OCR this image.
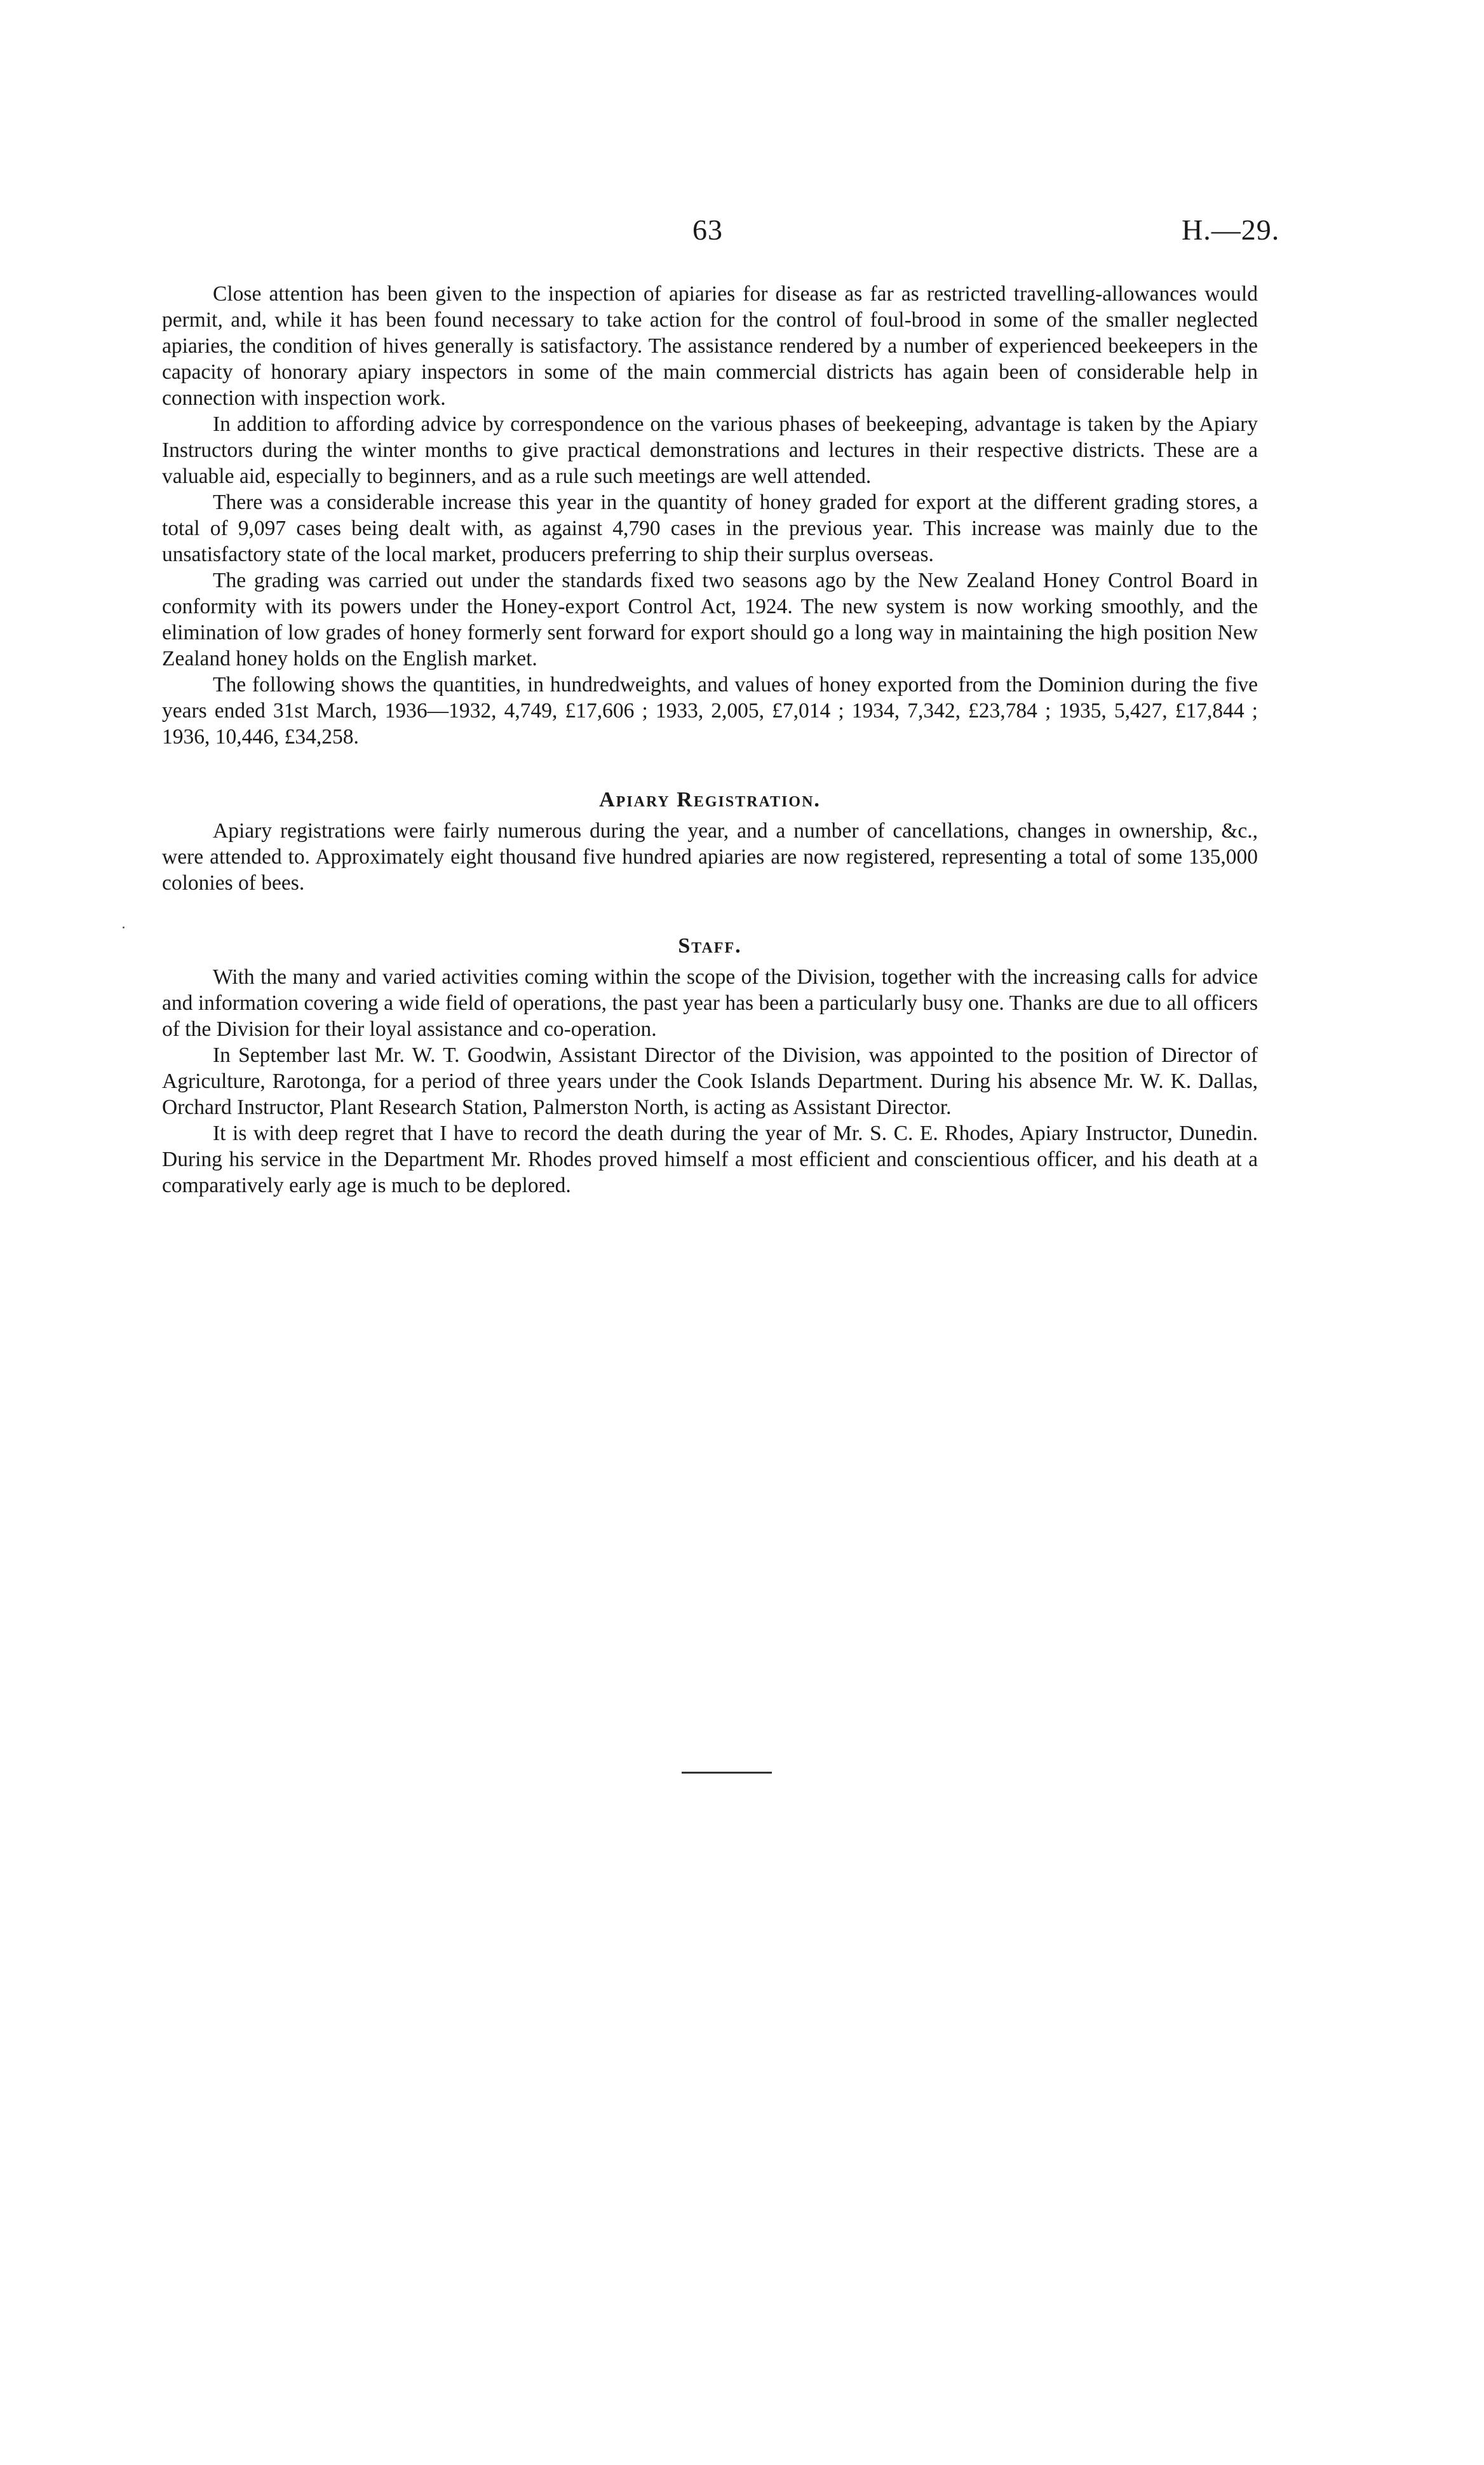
63	H.—29.

Close attention has been given to the inspection of apiaries for disease as far as restricted travelling-allowances would permit, and, while it has been found necessary to take action for the control of foul-brood in some of the smaller neglected apiaries, the condition of hives generally is satisfactory. The assistance rendered by a number of experienced beekeepers in the capacity of honorary apiary inspectors in some of the main commercial districts has again been of considerable help in connection with inspection work.

In addition to affording advice by correspondence on the various phases of beekeeping, advantage is taken by the Apiary Instructors during the winter months to give practical demonstrations and lectures in their respective districts. These are a valuable aid, especially to beginners, and as a rule such meetings are well attended.

There was a considerable increase this year in the quantity of honey graded for export at the different grading stores, a total of 9,097 cases being dealt with, as against 4,790 cases in the previous year. This increase was mainly due to the unsatisfactory state of the local market, producers preferring to ship their surplus overseas.

The grading was carried out under the standards fixed two seasons ago by the New Zealand Honey Control Board in conformity with its powers under the Honey-export Control Act, 1924. The new system is now working smoothly, and the elimination of low grades of honey formerly sent forward for export should go a long way in maintaining the high position New Zealand honey holds on the English market.

The following shows the quantities, in hundredweights, and values of honey exported from the Dominion during the five years ended 31st March, 1936—1932, 4,749, £17,606 ; 1933, 2,005, £7,014 ; 1934, 7,342, £23,784 ; 1935, 5,427, £17,844 ; 1936, 10,446, £34,258.

Apiary Registration.

Apiary registrations were fairly numerous during the year, and a number of cancellations, changes in ownership, &c., were attended to. Approximately eight thousand five hundred apiaries are now registered, representing a total of some 135,000 colonies of bees.

Staff.

With the many and varied activities coming within the scope of the Division, together with the increasing calls for advice and information covering a wide field of operations, the past year has been a particularly busy one. Thanks are due to all officers of the Division for their loyal assistance and co-operation.

In September last Mr. W. T. Goodwin, Assistant Director of the Division, was appointed to the position of Director of Agriculture, Rarotonga, for a period of three years under the Cook Islands Department. During his absence Mr. W. K. Dallas, Orchard Instructor, Plant Research Station, Palmerston North, is acting as Assistant Director.

It is with deep regret that I have to record the death during the year of Mr. S. C. E. Rhodes, Apiary Instructor, Dunedin. During his service in the Department Mr. Rhodes proved himself a most efficient and conscientious officer, and his death at a comparatively early age is much to be deplored.
